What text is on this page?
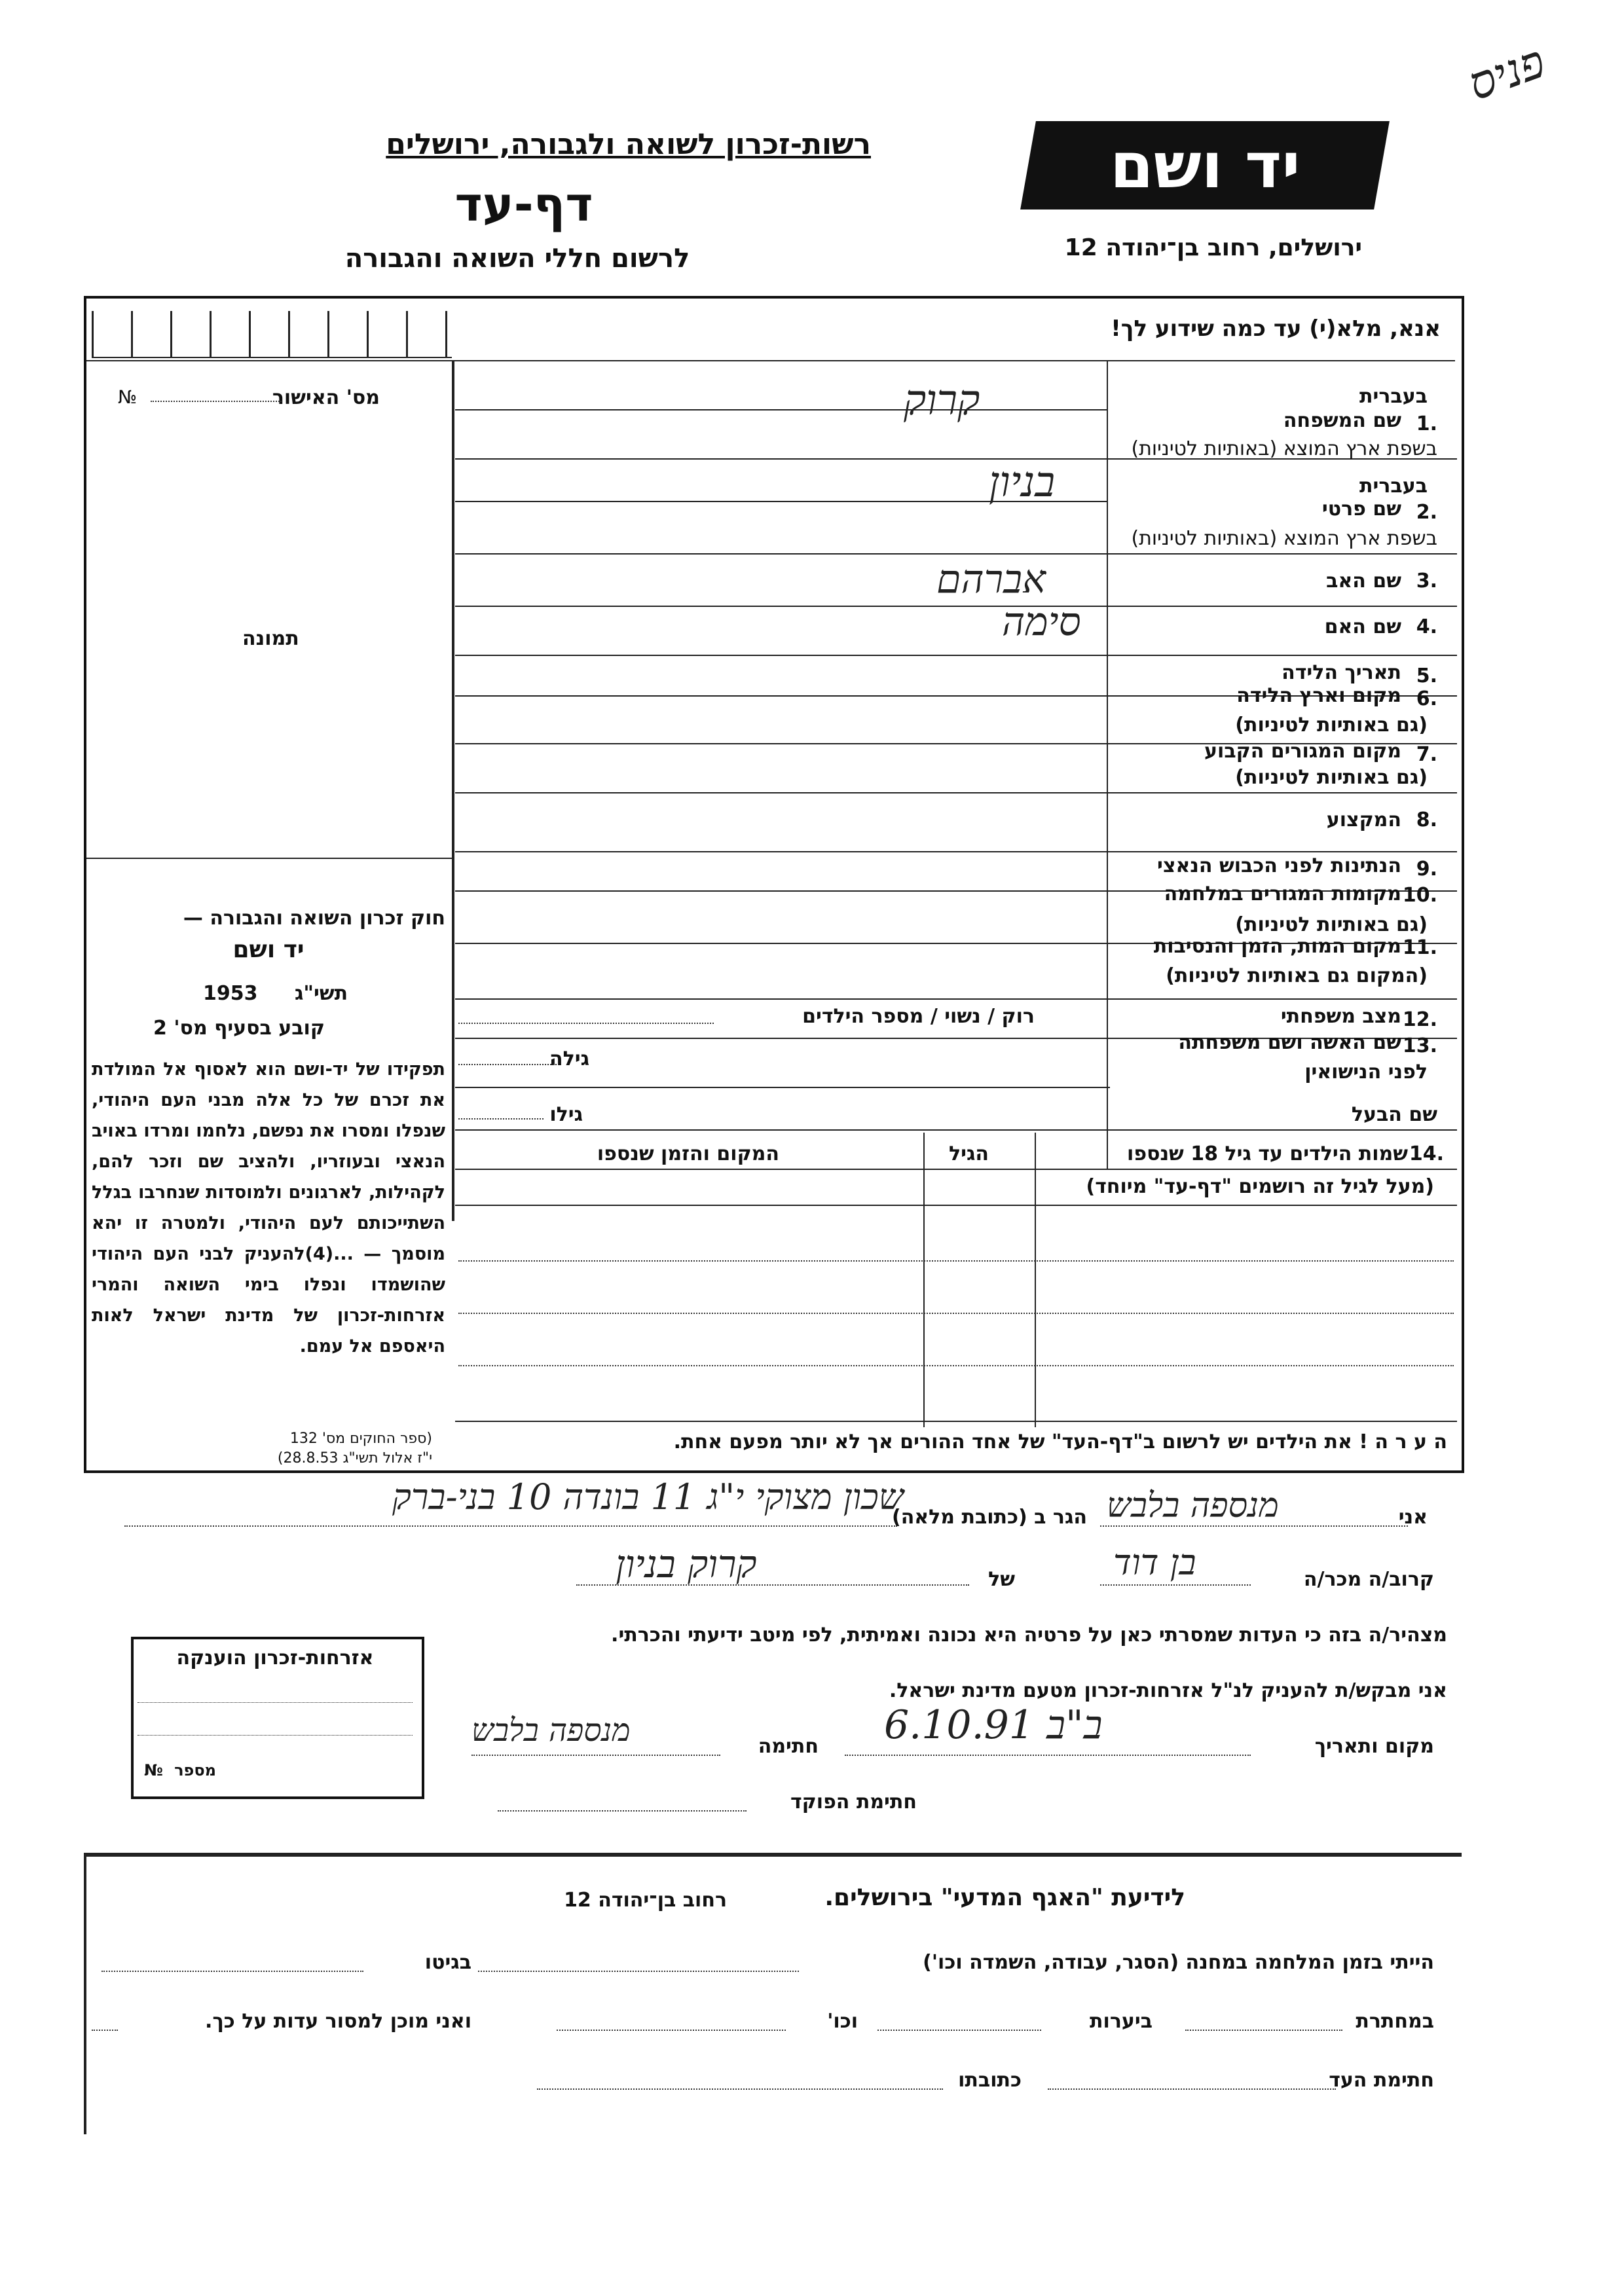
פניס
יד ושם
רשות-זכרון לשואה ולגבורה, ירושלים
דף-עד
לרשום חללי השואה והגבורה	ירושלים, רחוב בן־יהודה 12
אנא, מלא(י) עד כמה שידוע לך!
מס' האישור
№
תמונה
חוק זכרון השואה והגבורה —
יד ושם
תשי"ג
1953
קובע בסעיף מס' 2
תפקידו של יד-ושם הוא לאסוף אל המולדת את זכרם של כל אלה מבני העם היהודי, שנפלו ומסרו את נפשם, נלחמו ומרדו באויב הנאצי ובעוזריו, ולהציב שם וזכר להם, לקהילות, לארגונים ולמוסדות שנחרבו בגלל השתייכותם לעם היהודי, ולמטרה זו יהא מוסמך — ...(4)להעניק לבני העם היהודי שהושמדו ונפלו בימי השואה והמרי אזרחות-זכרון של מדינת ישראל לאות היאספם אל עמם.
(ספר החוקים מס' 132
י"ז אלול תשי"ג 28.8.53)
בעברית
.1
שם המשפחה
בשפת ארץ המוצא (באותיות לטיניות)
קרוק
בעברית
.2
שם פרטי
בשפת ארץ המוצא (באותיות לטיניות)
בניון
.3
שם האב
אברהם
.4
שם האם
סימה
.5
תאריך הלידה
.6
מקום וארץ הלידה
(גם באותיות לטיניות)
.7
מקום המגורים הקבוע
(גם באותיות לטיניות)
.8
המקצוע
.9
הנתינות לפני הכבוש הנאצי
.10
מקומות המגורים במלחמה
(גם באותיות לטיניות)
.11
מקום המות, הזמן והנסיבות
(המקום גם באותיות לטיניות)
.12
מצב משפחתי
רוק / נשוי / מספר הילדים
.13
שם האשה ושם משפחתה
לפני הנישואין
גילה
שם הבעל
גילו
.14
שמות הילדים עד גיל 18 שנספו
(מעל לגיל זה רושמים "דף-עד" מיוחד)
הגיל
המקום והזמן שנספו
ה ע ר ה ! את הילדים יש לרשום ב"דף-העד" של אחד ההורים אך לא יותר מפעם אחת.
אני
מנספה בלבש
הגר ב (כתובת מלאה)
שכון מצוקי י"ג 11 בונדה 10 בני-ברק
קרוב/ה מכר/ה
בן דוד
של
קרוק בניון
מצהיר/ה בזה כי העדות שמסרתי כאן על פרטיה היא נכונה ואמיתית, לפי מיטב ידיעתי והכרתי.
אני מבקש/ת להעניק לנ"ל אזרחות-זכרון מטעם מדינת ישראל.
מקום ותאריך
ב"ב 6.10.91
חתימה
מנספה בלבש
חתימת הפוקד
אזרחות-זכרון הוענקה
מספר
№
לידיעת "האגף המדעי" בירושלים.
רחוב בן־יהודה 12
הייתי בזמן המלחמה במחנה (הסגר, עבודה, השמדה וכו')
בגיטו
במחתרת
ביערות
וכו'
ואני מוכן למסור עדות על כך.
חתימת העד
כתובתו
